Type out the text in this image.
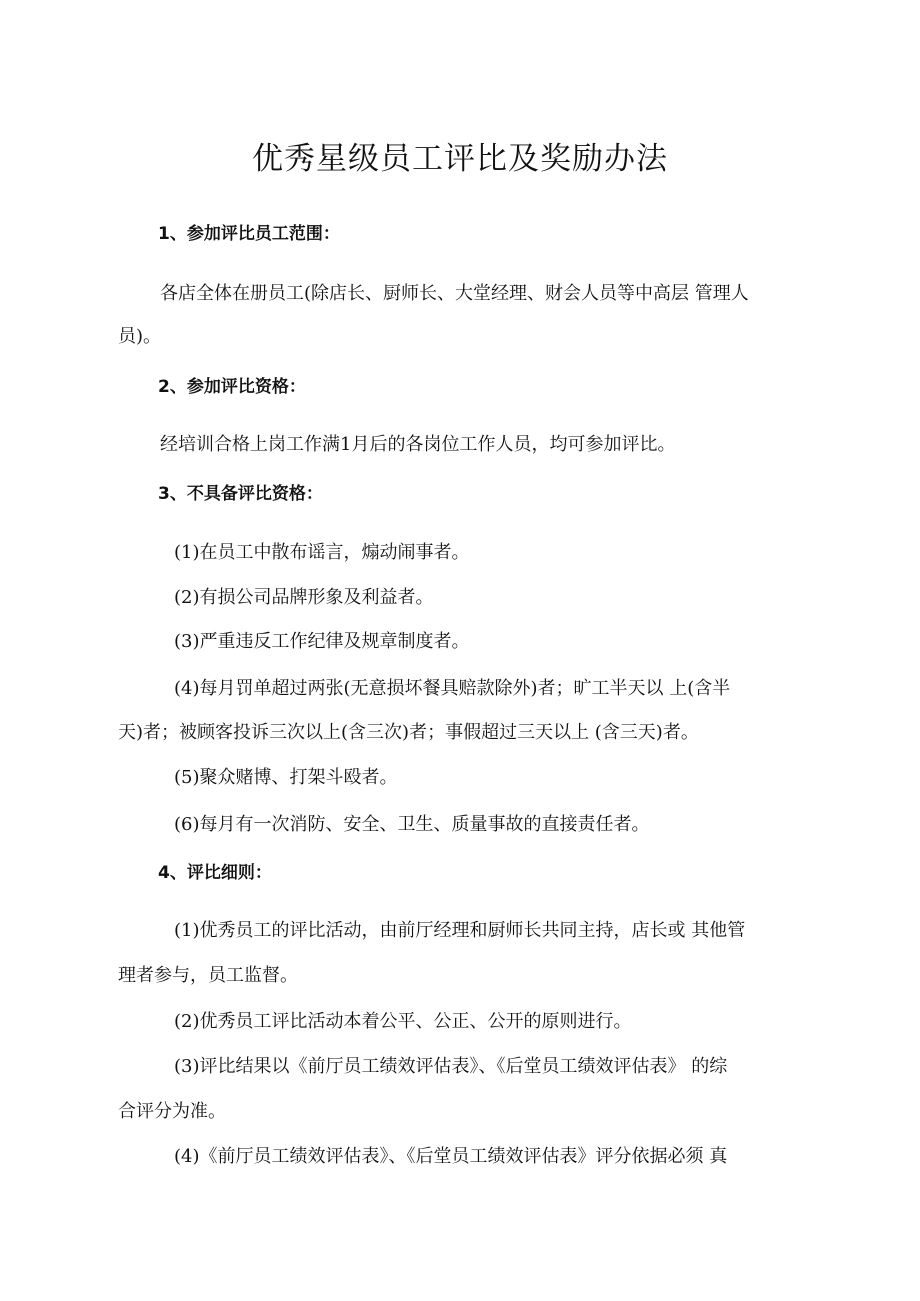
优秀星级员工评比及奖励办法
1、参加评比员工范围：
各店全体在册员工(除店长、厨师长、大堂经理、财会人员等中高层 管理人
员)。
2、参加评比资格：
经培训合格上岗工作满1月后的各岗位工作人员，均可参加评比。
3、不具备评比资格：
(1)在员工中散布谣言，煽动闹事者。
(2)有损公司品牌形象及利益者。
(3)严重违反工作纪律及规章制度者。
(4)每月罚单超过两张(无意损坏餐具赔款除外)者；旷工半天以 上(含半
天)者；被顾客投诉三次以上(含三次)者；事假超过三天以上 (含三天)者。
(5)聚众赌博、打架斗殴者。
(6)每月有一次消防、安全、卫生、质量事故的直接责任者。
4、评比细则：
(1)优秀员工的评比活动，由前厅经理和厨师长共同主持，店长或 其他管
理者参与，员工监督。
(2)优秀员工评比活动本着公平、公正、公开的原则进行。
(3)评比结果以《前厅员工绩效评估表》、《后堂员工绩效评估表》 的综
合评分为准。
(4)《前厅员工绩效评估表》、《后堂员工绩效评估表》评分依据必须 真
